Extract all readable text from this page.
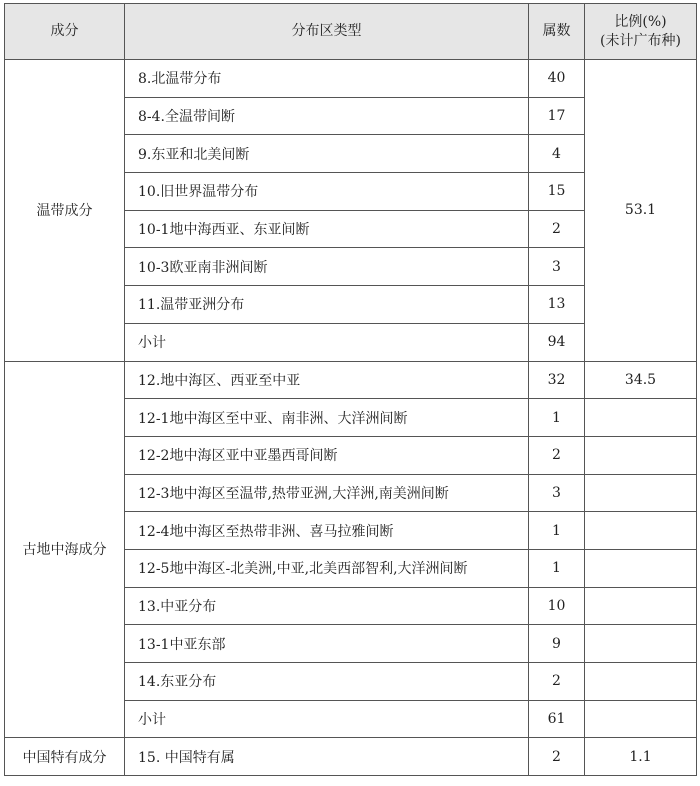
成分	分布区类型	属数	比例(%)
(未计广布种)

温带成分	8.北温带分布	40	53.1
	8-4.全温带间断	17	
	9.东亚和北美间断	4	
	10.旧世界温带分布	15	
	10-1地中海西亚、东亚间断	2	
	10-3欧亚南非洲间断	3	
	11.温带亚洲分布	13	
	小计	94	
古地中海成分	12.地中海区、西亚至中亚	32	34.5
	12-1地中海区至中亚、南非洲、大洋洲间断	1	
	12-2地中海区亚中亚墨西哥间断	2	
	12-3地中海区至温带,热带亚洲,大洋洲,南美洲间断	3	
	12-4地中海区至热带非洲、喜马拉雅间断	1	
	12-5地中海区-北美洲,中亚,北美西部智利,大洋洲间断	1	
	13.中亚分布	10	
	13-1中亚东部	9	
	14.东亚分布	2	
	小计	61	
中国特有成分	15. 中国特有属	2	1.1
